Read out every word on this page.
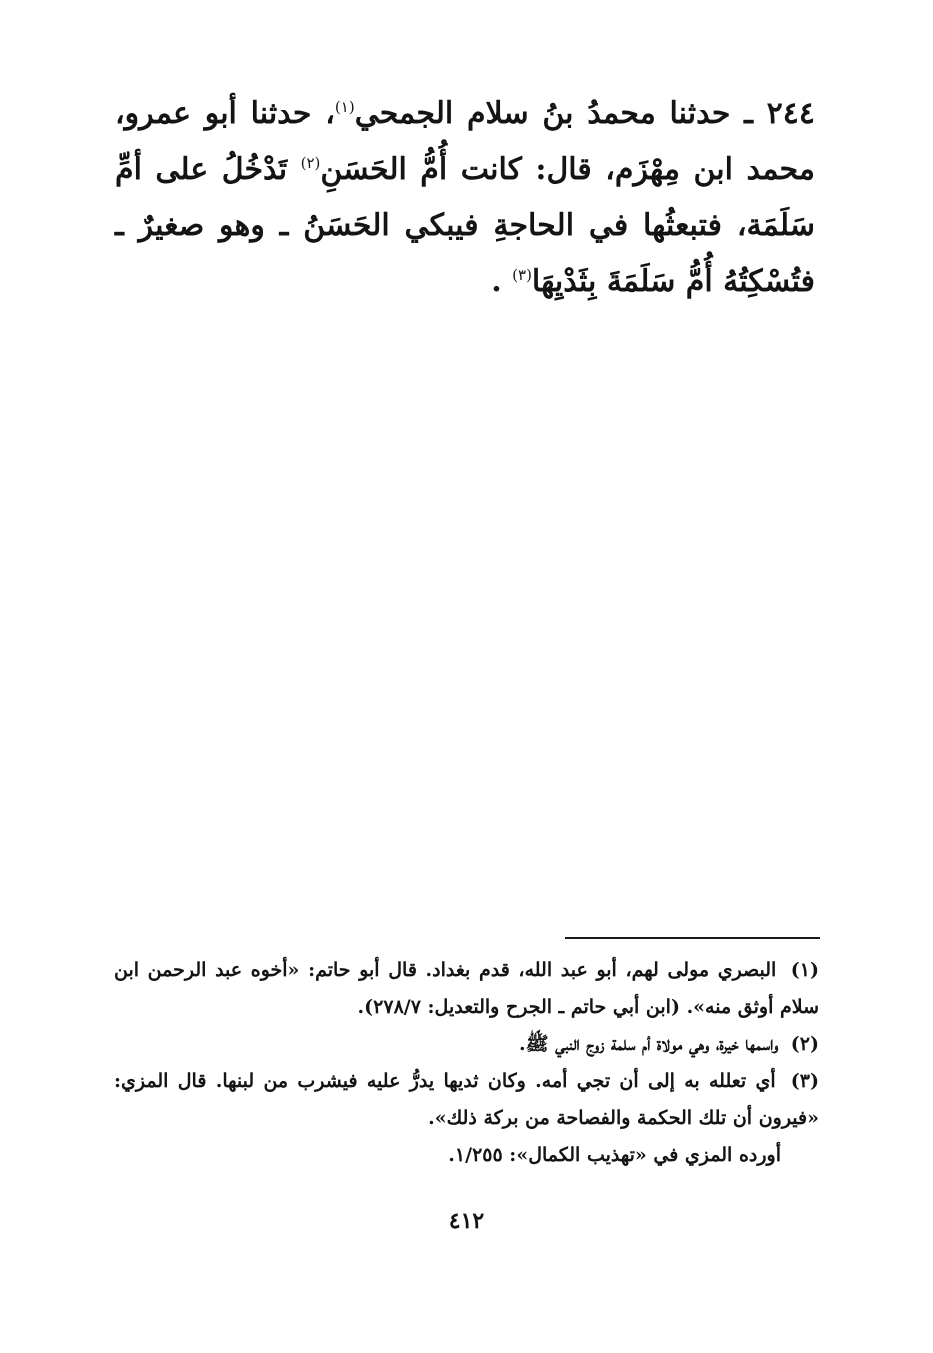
٢٤٤ ـ حدثنا محمدُ بنُ سلام الجمحي$^{(١)}$، حدثنا أبو عمرو، محمد ابن مِهْزَم، قال: كانت أُمُّ الحَسَنِ$^{(٢)}$ تَدْخُلُ على أمِّ سَلَمَة، فتبعثُها في الحاجةِ فيبكي الحَسَنُ ـ وهو صغيرٌ ـ فتُسْكِتُهُ أُمُّ سَلَمَةَ بِثَدْيِهَا$^{(٣)}$ .

(١) البصري مولى لهم، أبو عبد الله، قدم بغداد. قال أبو حاتم: «أخوه عبد الرحمن ابن سلام أوثق منه». (ابن أبي حاتم ـ الجرح والتعديل: ٢٧٨/٧).

(٢) واسمها خيرة، وهي مولاة أم سلمة زوج النبي ﷺ.

(٣) أي تعلله به إلى أن تجي أمه. وكان ثديها يدرُّ عليه فيشرب من لبنها. قال المزي: «فيرون أن تلك الحكمة والفصاحة من بركة ذلك».

أورده المزي في «تهذيب الكمال»: ١/٢٥٥.

٤١٢
